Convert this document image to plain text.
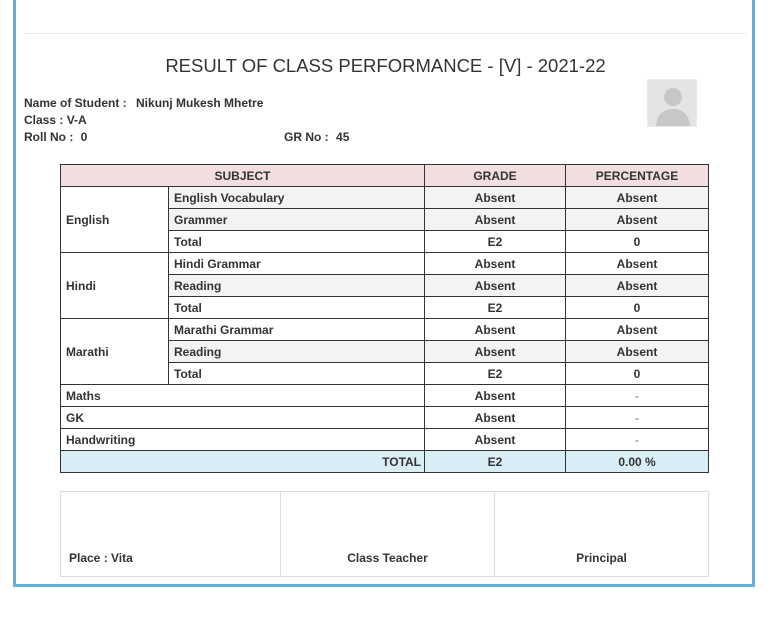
RESULT OF CLASS PERFORMANCE - [V] - 2021-22
Name of Student : Nikunj Mukesh Mhetre
Class : V-A
Roll No : 0	GR No : 45
SUBJECT		GRADE	PERCENTAGE
English	English Vocabulary	Absent	Absent
	Grammer	Absent	Absent
	Total	E2	0
Hindi	Hindi Grammar	Absent	Absent
	Reading	Absent	Absent
	Total	E2	0
Marathi	Marathi Grammar	Absent	Absent
	Reading	Absent	Absent
	Total	E2	0
Maths		Absent	-
GK		Absent	-
Handwriting		Absent	-
TOTAL		E2	0.00 %
Place : Vita	Class Teacher	Principal
